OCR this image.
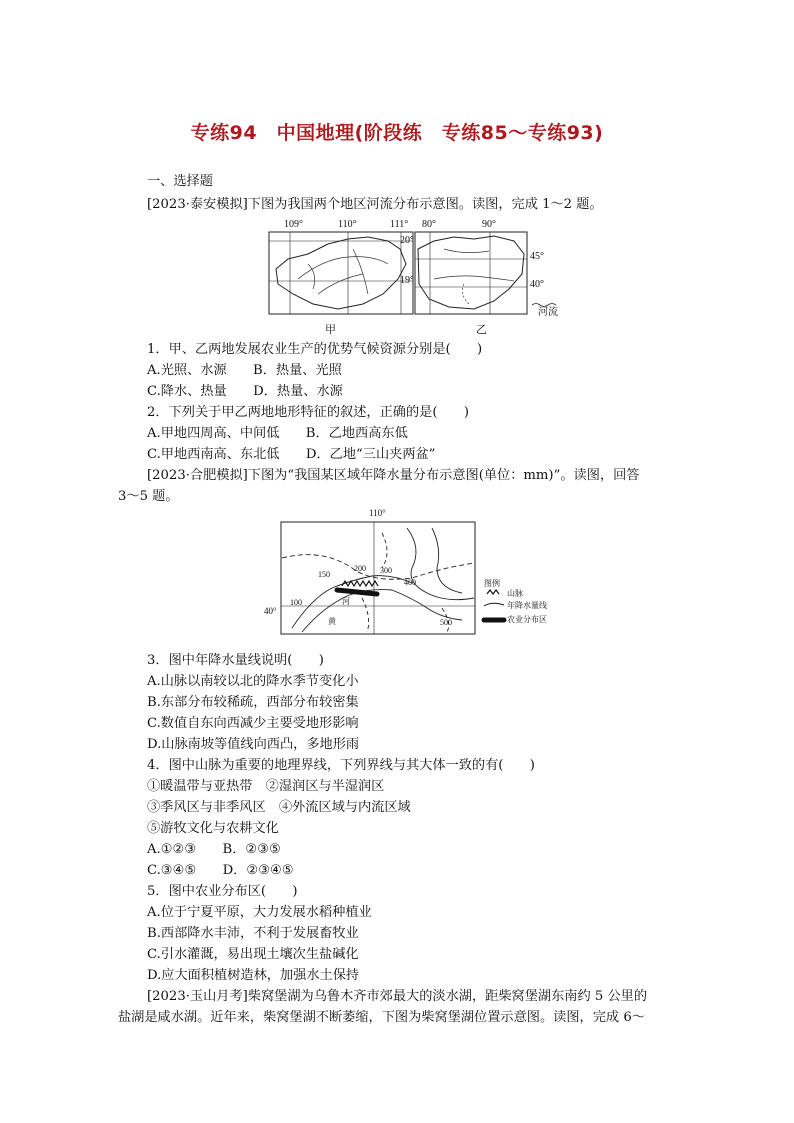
专练94　中国地理(阶段练　专练85～专练93)
一、选择题
[2023·泰安模拟]下图为我国两个地区河流分布示意图。读图，完成 1～2 题。
109°	110°	111°
20°
19°
甲
80°	90°
45°
40°
河流
乙
1．甲、乙两地发展农业生产的优势气候资源分别是(　　)
A.光照、水源　　B．热量、光照
C.降水、热量　　D．热量、水源
2．下列关于甲乙两地地形特征的叙述，正确的是(　　)
A.甲地四周高、中间低　　B．乙地西高东低
C.甲地西南高、东北低　　D．乙地“三山夹两盆”
[2023·合肥模拟]下图为“我国某区域年降水量分布示意图(单位：mm)”。读图，回答
3～5 题。
110°
40°
150
200 300
400
100
500
河
黄
图例
山脉
年降水量线
农业分布区
3．图中年降水量线说明(　　)
A.山脉以南较以北的降水季节变化小
B.东部分布较稀疏，西部分布较密集
C.数值自东向西减少主要受地形影响
D.山脉南坡等值线向西凸，多地形雨
4．图中山脉为重要的地理界线，下列界线与其大体一致的有(　　)
①暖温带与亚热带　②湿润区与半湿润区
③季风区与非季风区　④外流区域与内流区域
⑤游牧文化与农耕文化
A.①②③　　B．②③⑤
C.③④⑤　　D．②③④⑤
5．图中农业分布区(　　)
A.位于宁夏平原，大力发展水稻种植业
B.西部降水丰沛，不利于发展畜牧业
C.引水灌溉，易出现土壤次生盐碱化
D.应大面积植树造林，加强水土保持
[2023·玉山月考]柴窝堡湖为乌鲁木齐市郊最大的淡水湖，距柴窝堡湖东南约 5 公里的
盐湖是咸水湖。近年来，柴窝堡湖不断萎缩，下图为柴窝堡湖位置示意图。读图，完成 6～
